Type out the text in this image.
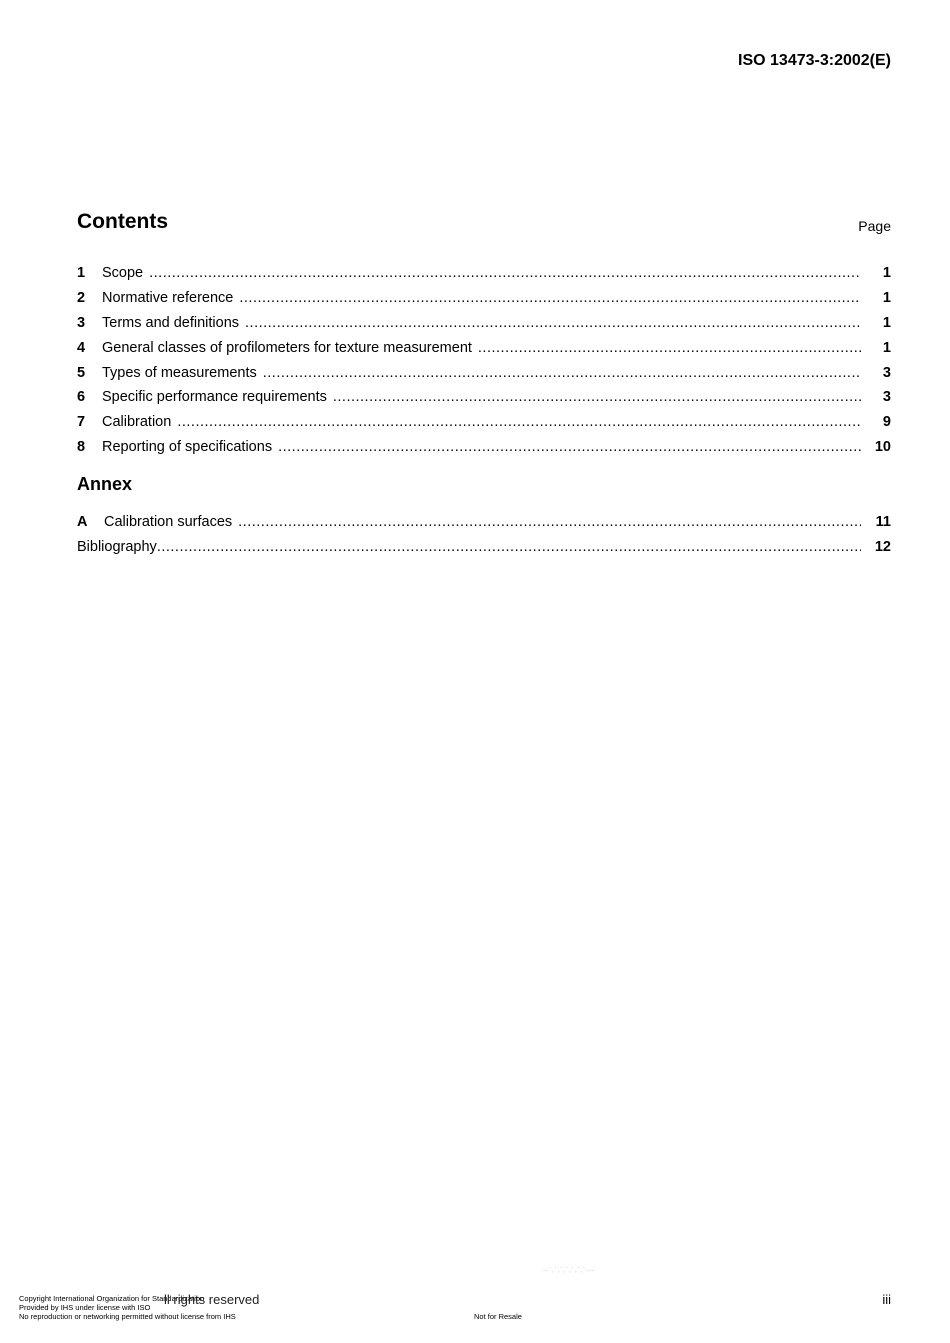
ISO 13473-3:2002(E)
Contents	Page
1	Scope .....	1
2	Normative reference .....	1
3	Terms and definitions .....	1
4	General classes of profilometers for texture measurement .....	1
5	Types of measurements .....	3
6	Specific performance requirements .....	3
7	Calibration .....	9
8	Reporting of specifications .....	10
Annex
A	Calibration surfaces .....	11
Bibliography .....	12
--`,`,`,`,`,`,`---
Copyright International Organization for Standardization
Provided by IHS under license with ISO
No reproduction or networking permitted without license from IHS
ll rights reserved
Not for Resale
iii
